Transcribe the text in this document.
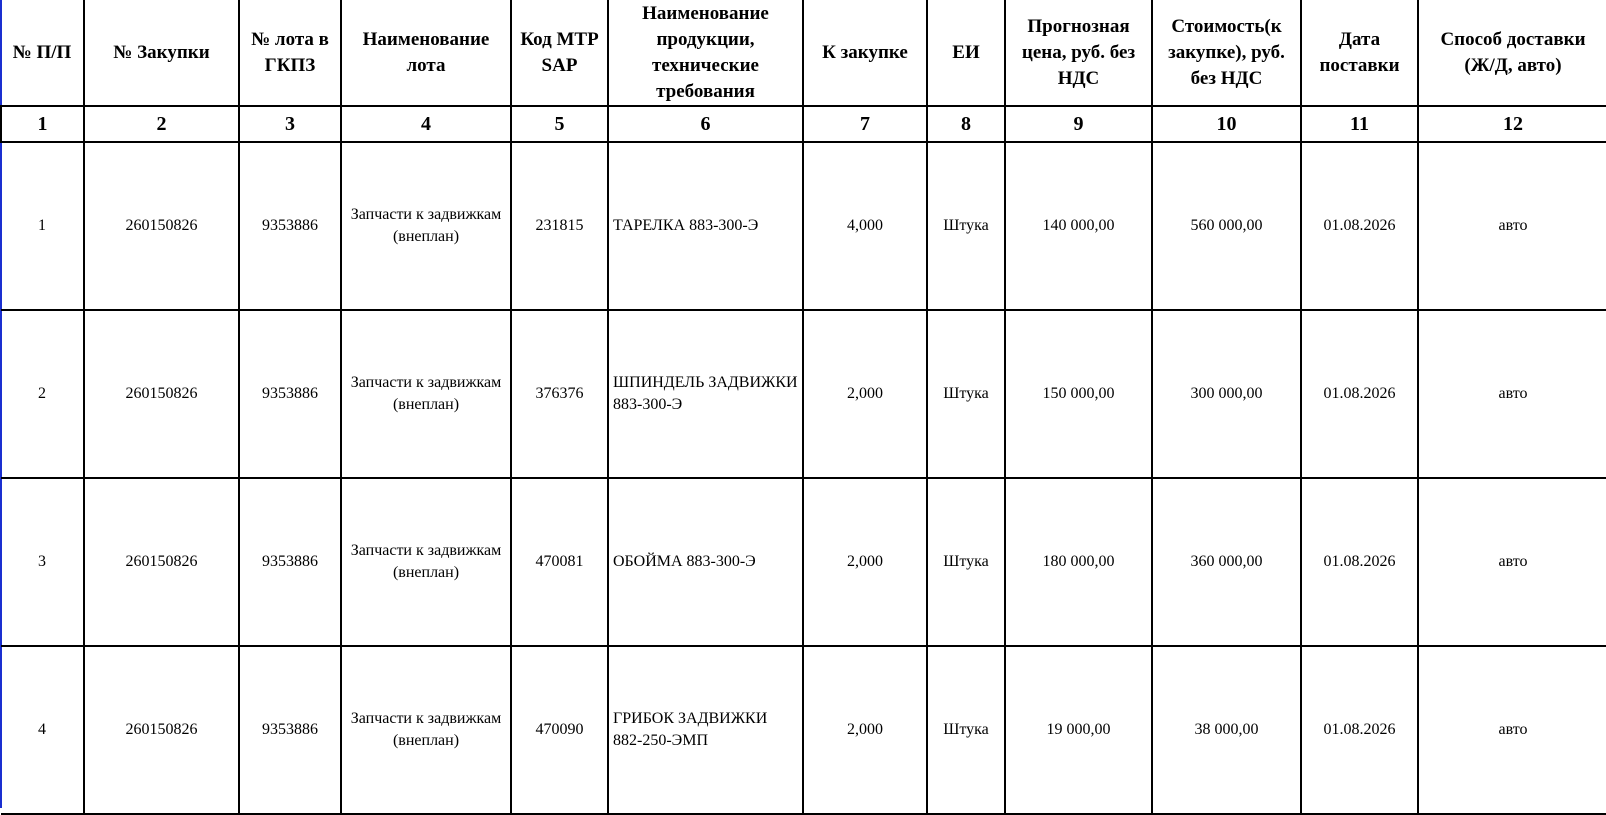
№ П/П	№ Закупки	№ лота в ГКПЗ	Наименование лота	Код МТР SAP	Наименование продукции, технические требования	К закупке	ЕИ	Прогнозная цена, руб. без НДС	Стоимость(к закупке), руб. без НДС	Дата поставки	Способ доставки (Ж/Д, авто)
1	2	3	4	5	6	7	8	9	10	11	12
1	260150826	9353886	Запчасти к задвижкам (внеплан)	231815	ТАРЕЛКА 883-300-Э	4,000	Штука	140 000,00	560 000,00	01.08.2026	авто
2	260150826	9353886	Запчасти к задвижкам (внеплан)	376376	ШПИНДЕЛЬ ЗАДВИЖКИ 883-300-Э	2,000	Штука	150 000,00	300 000,00	01.08.2026	авто
3	260150826	9353886	Запчасти к задвижкам (внеплан)	470081	ОБОЙМА 883-300-Э	2,000	Штука	180 000,00	360 000,00	01.08.2026	авто
4	260150826	9353886	Запчасти к задвижкам (внеплан)	470090	ГРИБОК ЗАДВИЖКИ 882-250-ЭМП	2,000	Штука	19 000,00	38 000,00	01.08.2026	авто
